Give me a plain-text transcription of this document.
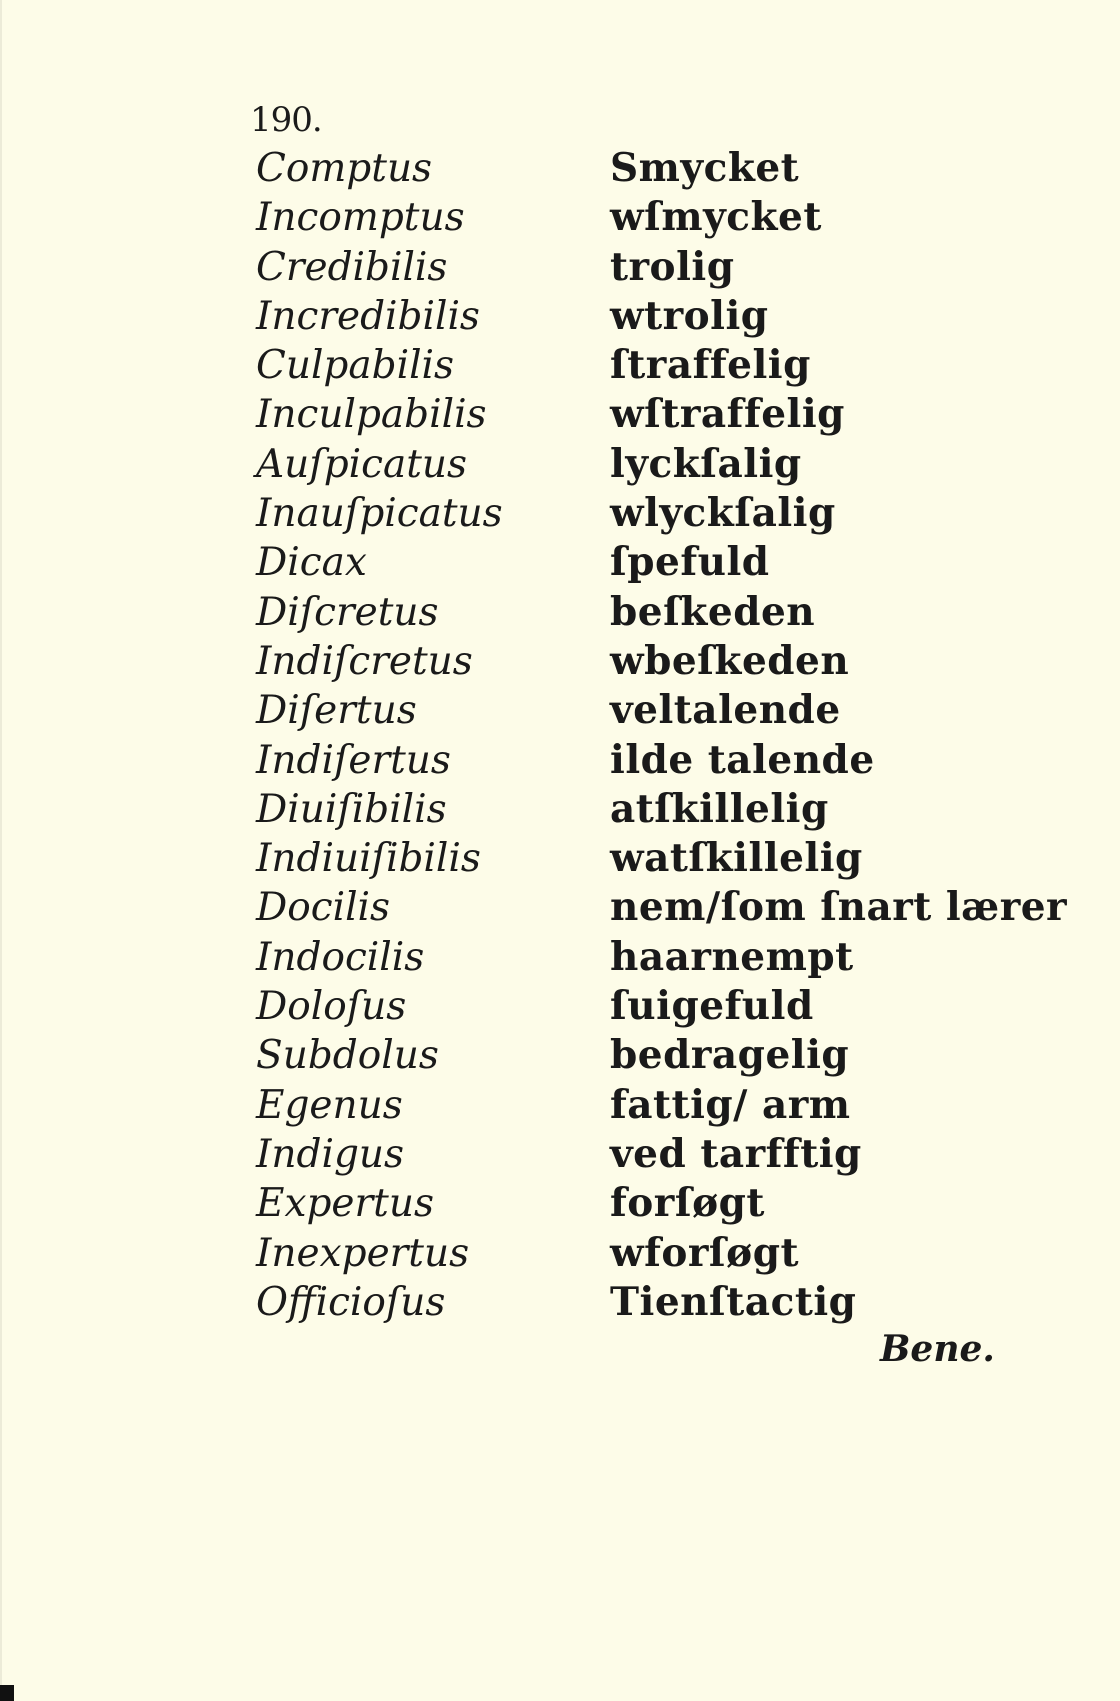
190.
Comptus
Incomptus
Credibilis
Incredibilis
Culpabilis
Inculpabilis
Auſpicatus
Inauſpicatus
Dicax
Diſcretus
Indiſcretus
Diſertus
Indiſertus
Diuiſibilis
Indiuiſibilis
Docilis
Indocilis
Doloſus
Subdolus
Egenus
Indigus
Expertus
Inexpertus
Officioſus
Smycket
wſmycket
trolig
wtrolig
ſtraffelig
wſtraffelig
lyckſalig
wlyckſalig
ſpefuld
beſkeden
wbeſkeden
veltalende
ilde talende
atſkillelig
watſkillelig
nem/ſom ſnart lærer
haarnempt
ſuigefuld
bedragelig
fattig/ arm
ved tarfftig
forſøgt
wforſøgt
Tienſtactig
Bene.
